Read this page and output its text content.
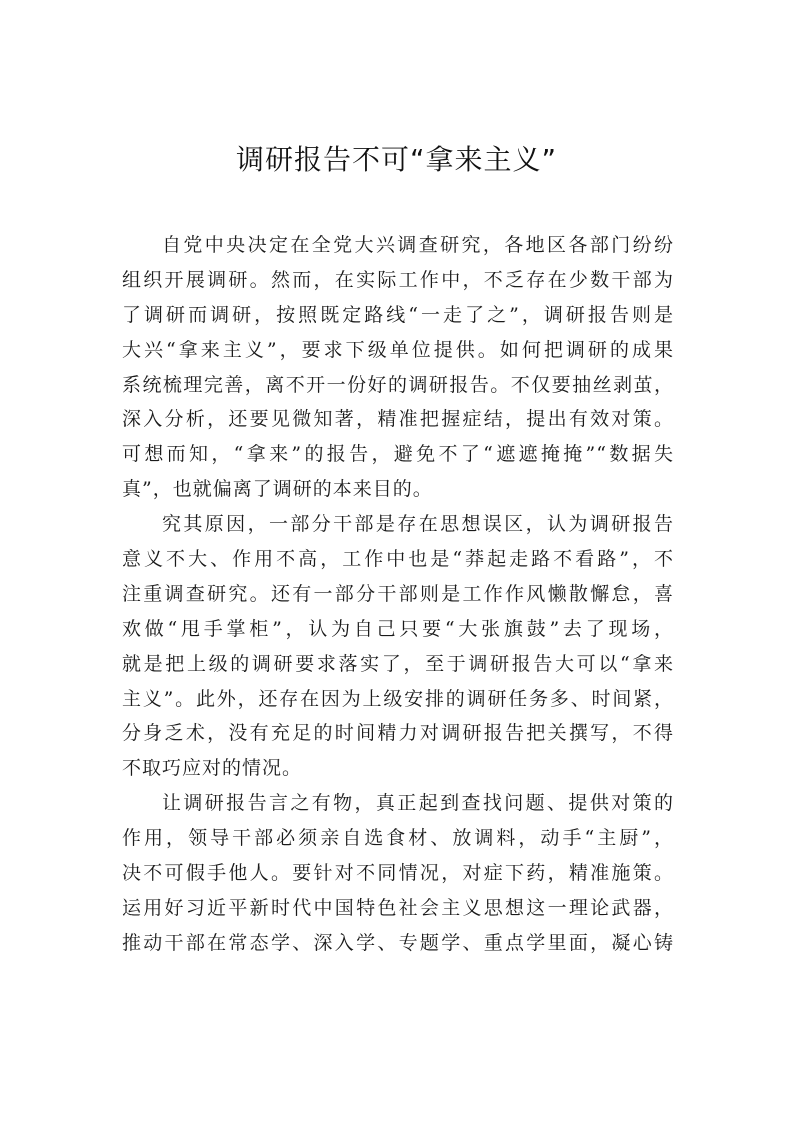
调研报告不可“拿来主义”
自党中央决定在全党大兴调查研究，各地区各部门纷纷
组织开展调研。然而，在实际工作中，不乏存在少数干部为
了调研而调研，按照既定路线“一走了之”，调研报告则是
大兴“拿来主义”，要求下级单位提供。如何把调研的成果
系统梳理完善，离不开一份好的调研报告。不仅要抽丝剥茧，
深入分析，还要见微知著，精准把握症结，提出有效对策。
可想而知，“拿来”的报告，避免不了“遮遮掩掩”“数据失
真”，也就偏离了调研的本来目的。
究其原因，一部分干部是存在思想误区，认为调研报告
意义不大、作用不高，工作中也是“莽起走路不看路”，不
注重调查研究。还有一部分干部则是工作作风懒散懈怠，喜
欢做“甩手掌柜”，认为自己只要“大张旗鼓”去了现场，
就是把上级的调研要求落实了，至于调研报告大可以“拿来
主义”。此外，还存在因为上级安排的调研任务多、时间紧，
分身乏术，没有充足的时间精力对调研报告把关撰写，不得
不取巧应对的情况。
让调研报告言之有物，真正起到查找问题、提供对策的
作用，领导干部必须亲自选食材、放调料，动手“主厨”，
决不可假手他人。要针对不同情况，对症下药，精准施策。
运用好习近平新时代中国特色社会主义思想这一理论武器，
推动干部在常态学、深入学、专题学、重点学里面，凝心铸
